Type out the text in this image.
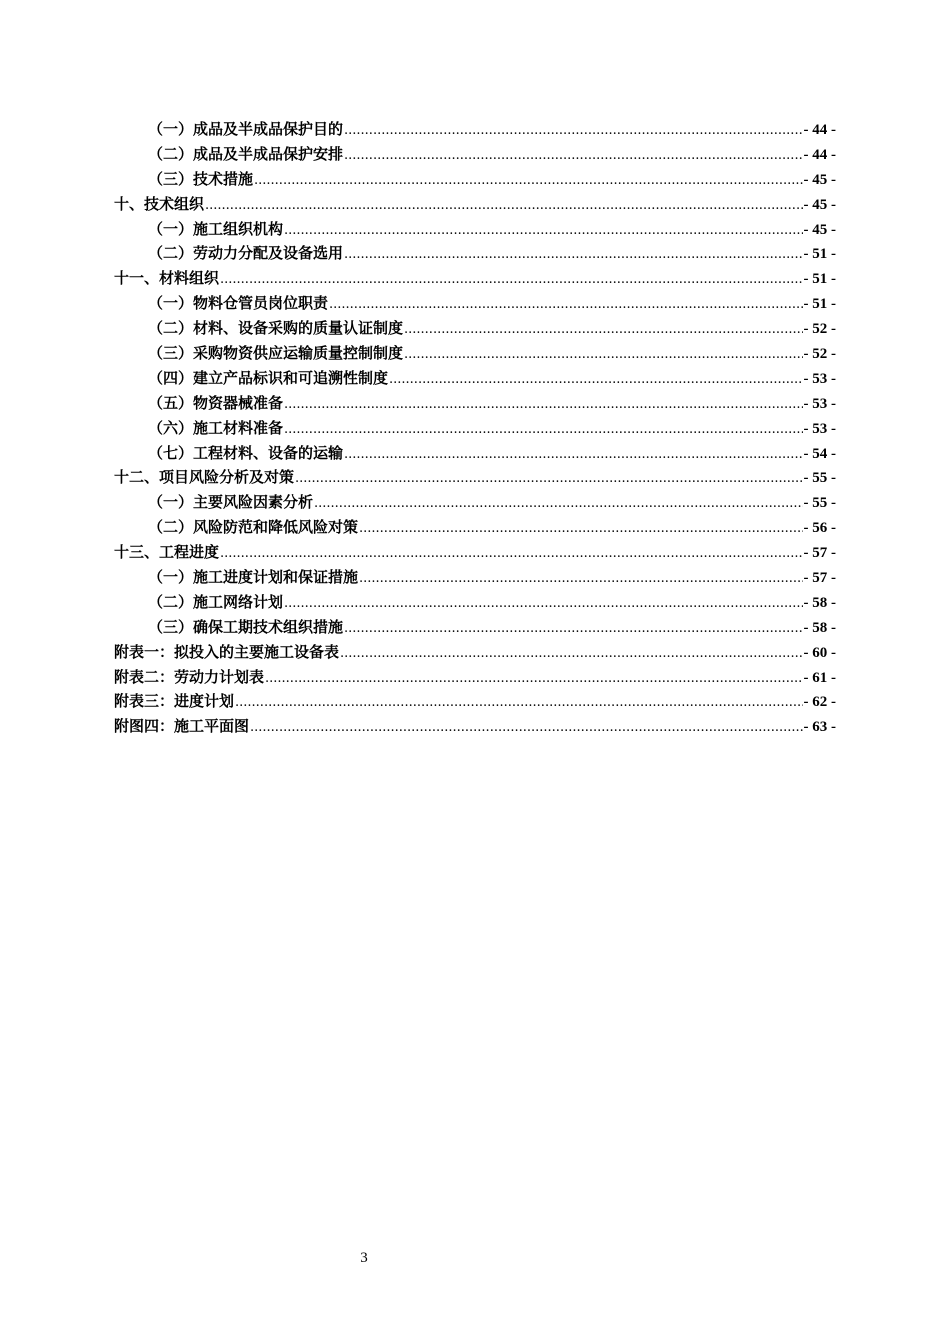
（一）成品及半成品保护目的 .....	- 44 -
（二）成品及半成品保护安排 .....	- 44 -
（三）技术措施 .....	- 45 -
十、技术组织 .....	- 45 -
（一）施工组织机构 .....	- 45 -
（二）劳动力分配及设备选用 .....	- 51 -
十一、材料组织 .....	- 51 -
（一）物料仓管员岗位职责 .....	- 51 -
（二）材料、设备采购的质量认证制度 .....	- 52 -
（三）采购物资供应运输质量控制制度 .....	- 52 -
（四）建立产品标识和可追溯性制度 .....	- 53 -
（五）物资器械准备 .....	- 53 -
（六）施工材料准备 .....	- 53 -
（七）工程材料、设备的运输 .....	- 54 -
十二、项目风险分析及对策 .....	- 55 -
（一）主要风险因素分析 .....	- 55 -
（二）风险防范和降低风险对策 .....	- 56 -
十三、工程进度 .....	- 57 -
（一）施工进度计划和保证措施 .....	- 57 -
（二）施工网络计划 .....	- 58 -
（三）确保工期技术组织措施 .....	- 58 -
附表一：拟投入的主要施工设备表 .....	- 60 -
附表二：劳动力计划表 .....	- 61 -
附表三：进度计划 .....	- 62 -
附图四：施工平面图 .....	- 63 -
3
